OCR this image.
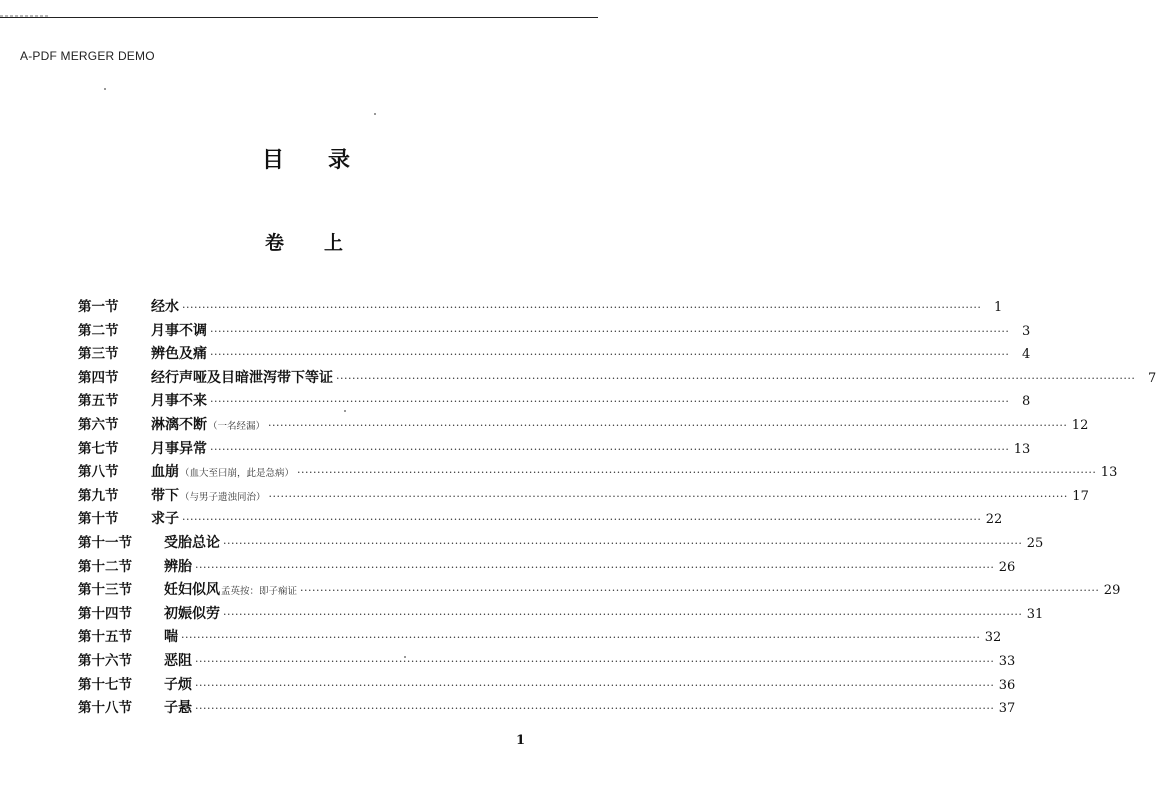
A-PDF MERGER DEMO
目录
卷上
第一节	经水 ········································································································································································································ 1
第二节	月事不调 ········································································································································································································ 3
第三节	辨色及痛 ········································································································································································································ 4
第四节	经行声哑及目暗泄泻带下等证 ········································································································································································································ 7
第五节	月事不来 ········································································································································································································ 8
第六节	淋漓不断 （一名经漏） ········································································································································································································ 12
第七节	月事异常 ········································································································································································································ 13
第八节	血崩 （血大至曰崩，此是急病） ········································································································································································································ 13
第九节	带下 （与男子遗浊同治） ········································································································································································································ 17
第十节	求子 ········································································································································································································ 22
第十一节	受胎总论 ········································································································································································································ 25
第十二节	辨胎 ········································································································································································································ 26
第十三节	妊妇似风 孟英按：即子痫证 ········································································································································································································ 29
第十四节	初娠似劳 ········································································································································································································ 31
第十五节	喘 ········································································································································································································ 32
第十六节	恶阻 ········································································································································································································ 33
第十七节	子烦 ········································································································································································································ 36
第十八节	子悬 ········································································································································································································ 37
1
